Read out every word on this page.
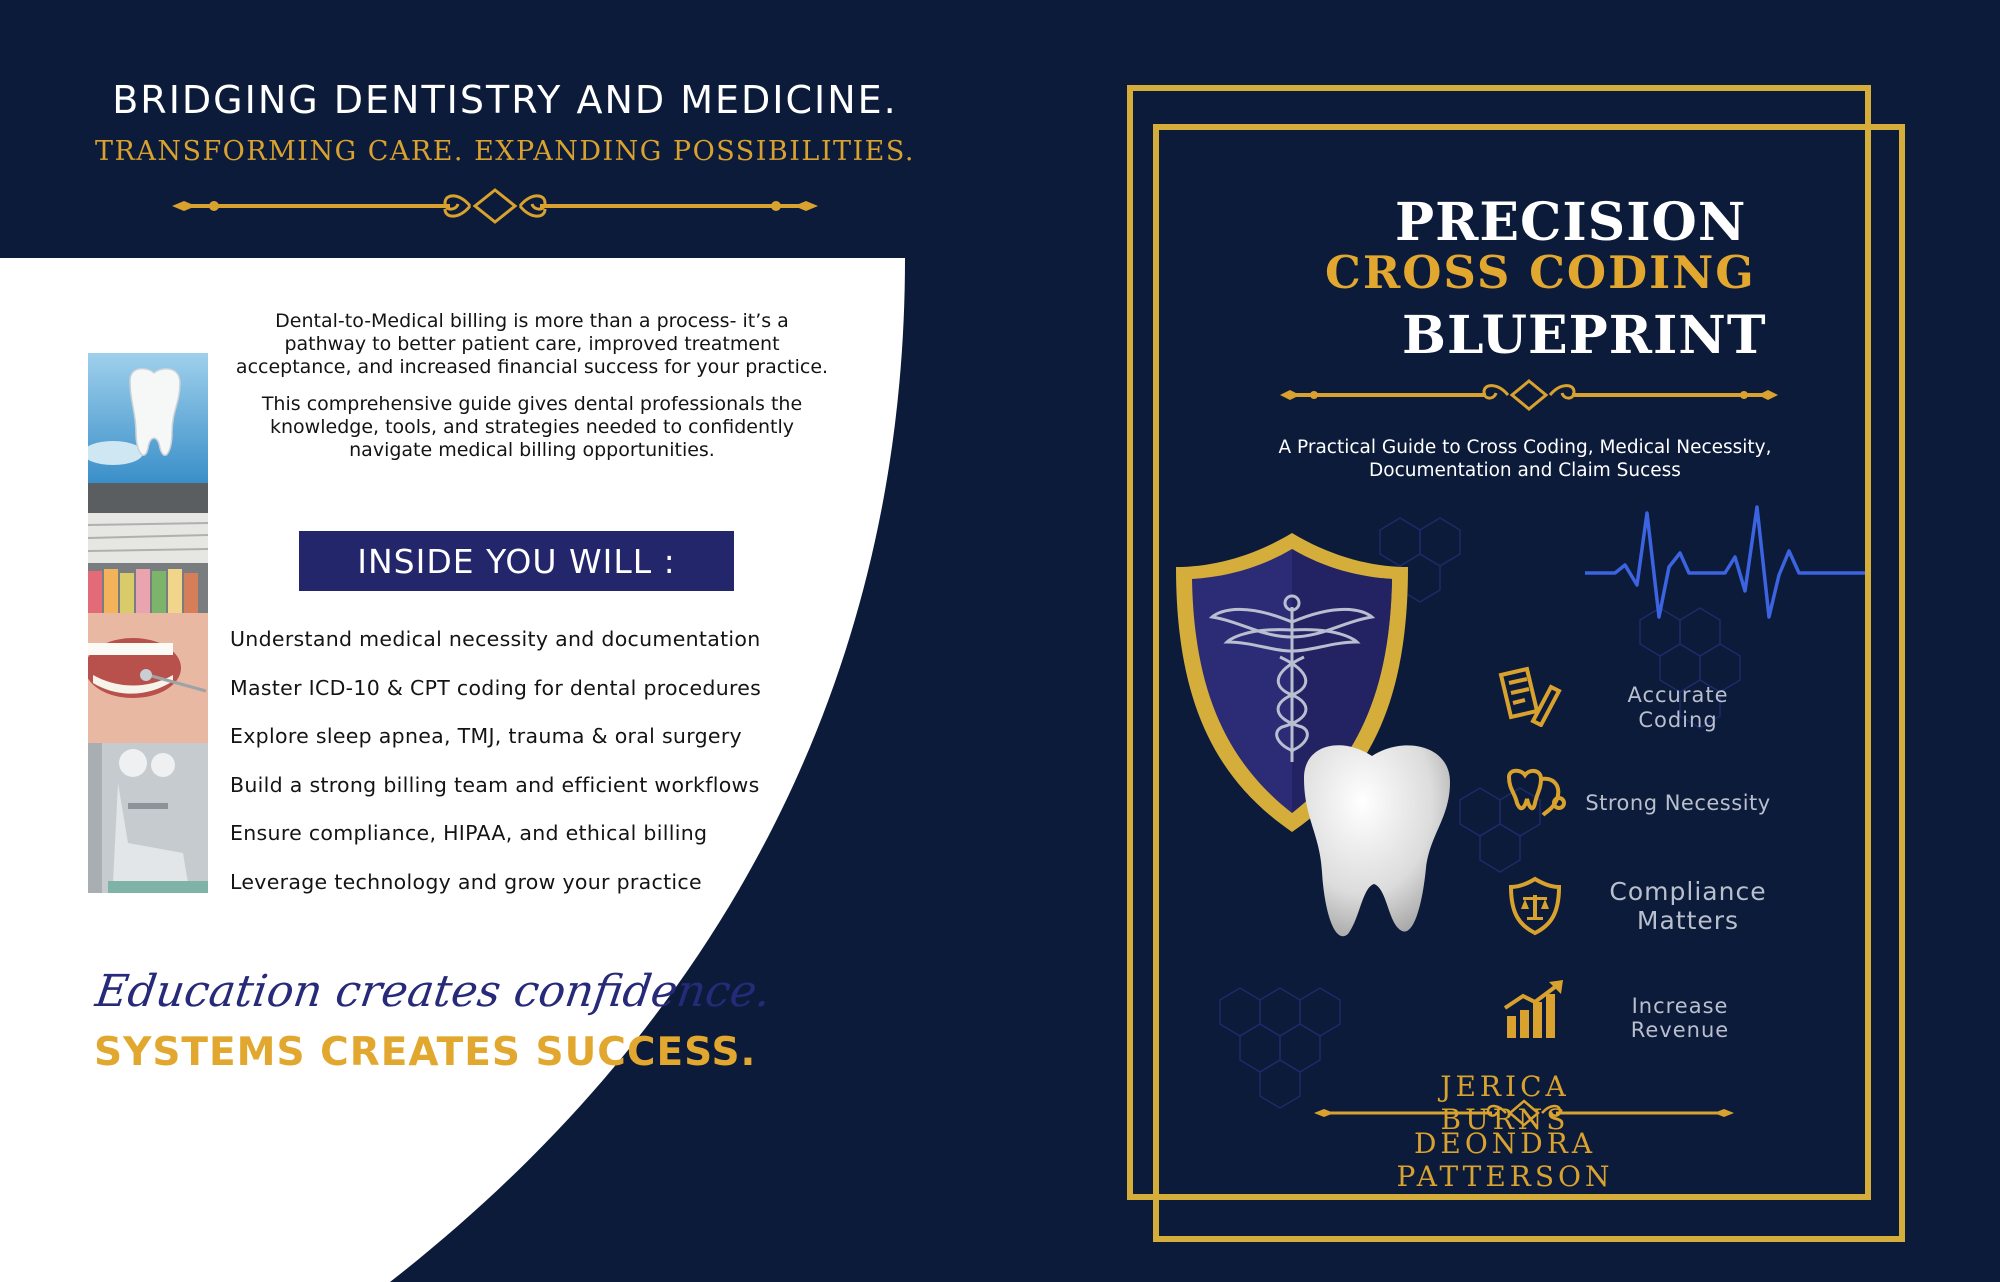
BRIDGING DENTISTRY AND MEDICINE.
TRANSFORMING CARE. EXPANDING POSSIBILITIES.

Dental-to-Medical billing is more than a process- it’s a pathway to better patient care, improved treatment acceptance, and increased financial success for your practice.

This comprehensive guide gives dental professionals the knowledge, tools, and strategies needed to confidently navigate medical billing opportunities.

INSIDE YOU WILL :
Understand medical necessity and documentation
Master ICD-10 & CPT coding for dental procedures
Explore sleep apnea, TMJ, trauma & oral surgery
Build a strong billing team and efficient workflows
Ensure compliance, HIPAA, and ethical billing
Leverage technology and grow your practice
Education creates confidence.
SYSTEMS CREATES SUCCESS.
PRECISION
CROSS CODING
BLUEPRINT
A Practical Guide to Cross Coding, Medical Necessity, Documentation and Claim Sucess
Accurate
Coding
Strong Necessity
Compliance
Matters
Increase
Revenue
JERICA BURNS
DEONDRA PATTERSON
